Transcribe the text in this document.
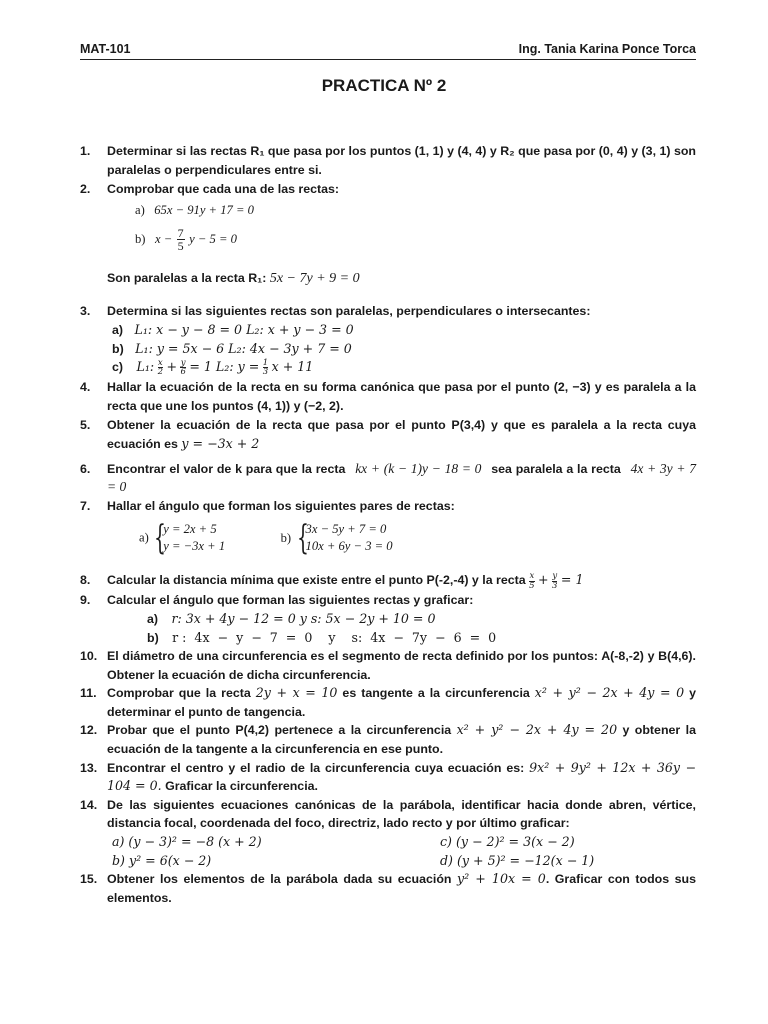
MAT-101	Ing. Tania Karina Ponce Torca
PRACTICA Nº 2
1. Determinar si las rectas R₁ que pasa por los puntos (1, 1) y (4, 4) y R₂ que pasa por (0, 4) y (3, 1) son paralelas o perpendiculares entre si.
2. Comprobar que cada una de las rectas:
a) 65x − 91y + 17 = 0
b) $x - \frac{7}{5}$ y − 5 = 0
Son paralelas a la recta R₁: 5x − 7y + 9 = 0
3. Determina si las siguientes rectas son paralelas, perpendiculares o intersecantes:
a) L₁: x − y − 8 = 0 L₂: x + y − 3 = 0
b) L₁: y = 5x − 6 L₂: 4x − 3y + 7 = 0
c) L₁: $\frac{x}{2} + \frac{y}{6} = 1$ L₂: $y = \frac{1}{3}$ x + 11
4. Hallar la ecuación de la recta en su forma canónica que pasa por el punto (2, −3) y es paralela a la recta que une los puntos (4, 1)) y (−2, 2).
5. Obtener la ecuación de la recta que pasa por el punto P(3,4) y que es paralela a la recta cuya ecuación es y = −3x + 2
6. Encontrar el valor de k para que la recta kx + (k − 1)y − 18 = 0 sea paralela a la recta 4x + 3y + 7 = 0
7. Hallar el ángulo que forman los siguientes pares de rectas:
a) {
y = 2x + 5
y = −3x + 1
b) {
3x − 5y + 7 = 0
10x + 6y − 3 = 0
8. Calcular la distancia mínima que existe entre el punto P(-2,-4) y la recta $\frac{x}{5} + \frac{y}{3} = 1$
9. Calcular el ángulo que forman las siguientes rectas y graficar:
a) r: 3x + 4y − 12 = 0 y s: 5x − 2y + 10 = 0
b) r :  4x  −  y  −  7  =  0    y    s:  4x  −  7y  −  6  =  0
10. El diámetro de una circunferencia es el segmento de recta definido por los puntos: A(-8,-2) y B(4,6). Obtener la ecuación de dicha circunferencia.
11. Comprobar que la recta 2y + x = 10 es tangente a la circunferencia x² + y² − 2x + 4y = 0 y determinar el punto de tangencia.
12. Probar que el punto P(4,2) pertenece a la circunferencia x² + y² − 2x + 4y = 20 y obtener la ecuación de la tangente a la circunferencia en ese punto.
13. Encontrar el centro y el radio de la circunferencia cuya ecuación es: 9x² + 9y² + 12x + 36y − 104 = 0. Graficar la circunferencia.
14. De las siguientes ecuaciones canónicas de la parábola, identificar hacia donde abren, vértice, distancia focal, coordenada del foco, directriz, lado recto y por último graficar:
a) (y − 3)² = −8 (x + 2)	c) (y − 2)² = 3(x − 2)
b) y² = 6(x − 2)	d) (y + 5)² = −12(x − 1)
15. Obtener los elementos de la parábola dada su ecuación y² + 10x = 0. Graficar con todos sus elementos.
